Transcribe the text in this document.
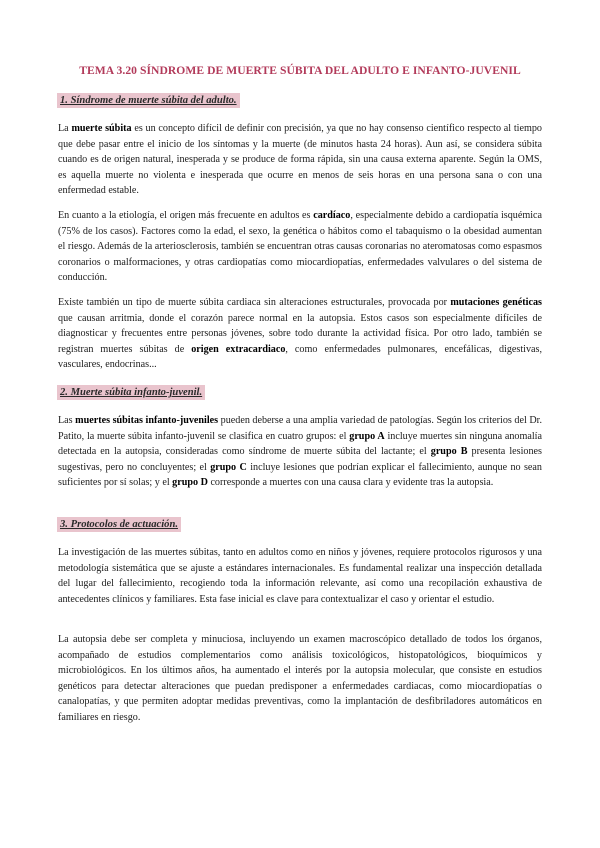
TEMA 3.20 SÍNDROME DE MUERTE SÚBITA DEL ADULTO E INFANTO-JUVENIL
1. Síndrome de muerte súbita del adulto.

La muerte súbita es un concepto difícil de definir con precisión, ya que no hay consenso científico respecto al tiempo que debe pasar entre el inicio de los síntomas y la muerte (de minutos hasta 24 horas). Aun así, se considera súbita cuando es de origen natural, inesperada y se produce de forma rápida, sin una causa externa aparente. Según la OMS, es aquella muerte no violenta e inesperada que ocurre en menos de seis horas en una persona sana o con una enfermedad estable.

En cuanto a la etiología, el origen más frecuente en adultos es cardíaco, especialmente debido a cardiopatía isquémica (75% de los casos). Factores como la edad, el sexo, la genética o hábitos como el tabaquismo o la obesidad aumentan el riesgo. Además de la arteriosclerosis, también se encuentran otras causas coronarias no ateromatosas como espasmos coronarios o malformaciones, y otras cardiopatías como miocardiopatías, enfermedades valvulares o del sistema de conducción.

Existe también un tipo de muerte súbita cardiaca sin alteraciones estructurales, provocada por mutaciones genéticas que causan arritmia, donde el corazón parece normal en la autopsia. Estos casos son especialmente difíciles de diagnosticar y frecuentes entre personas jóvenes, sobre todo durante la actividad física. Por otro lado, también se registran muertes súbitas de origen extracardiaco, como enfermedades pulmonares, encefálicas, digestivas, vasculares, endocrinas...

2. Muerte súbita infanto-juvenil.

Las muertes súbitas infanto-juveniles pueden deberse a una amplia variedad de patologías. Según los criterios del Dr. Patito, la muerte súbita infanto-juvenil se clasifica en cuatro grupos: el grupo A incluye muertes sin ninguna anomalía detectada en la autopsia, consideradas como síndrome de muerte súbita del lactante; el grupo B presenta lesiones sugestivas, pero no concluyentes; el grupo C incluye lesiones que podrían explicar el fallecimiento, aunque no sean suficientes por sí solas; y el grupo D corresponde a muertes con una causa clara y evidente tras la autopsia.

3. Protocolos de actuación.

La investigación de las muertes súbitas, tanto en adultos como en niños y jóvenes, requiere protocolos rigurosos y una metodología sistemática que se ajuste a estándares internacionales. Es fundamental realizar una inspección detallada del lugar del fallecimiento, recogiendo toda la información relevante, así como una recopilación exhaustiva de antecedentes clínicos y familiares. Esta fase inicial es clave para contextualizar el caso y orientar el estudio.

La autopsia debe ser completa y minuciosa, incluyendo un examen macroscópico detallado de todos los órganos, acompañado de estudios complementarios como análisis toxicológicos, histopatológicos, bioquímicos y microbiológicos. En los últimos años, ha aumentado el interés por la autopsia molecular, que consiste en estudios genéticos para detectar alteraciones que puedan predisponer a enfermedades cardiacas, como miocardiopatías o canalopatías, y que permiten adoptar medidas preventivas, como la implantación de desfibriladores automáticos en familiares en riesgo.
